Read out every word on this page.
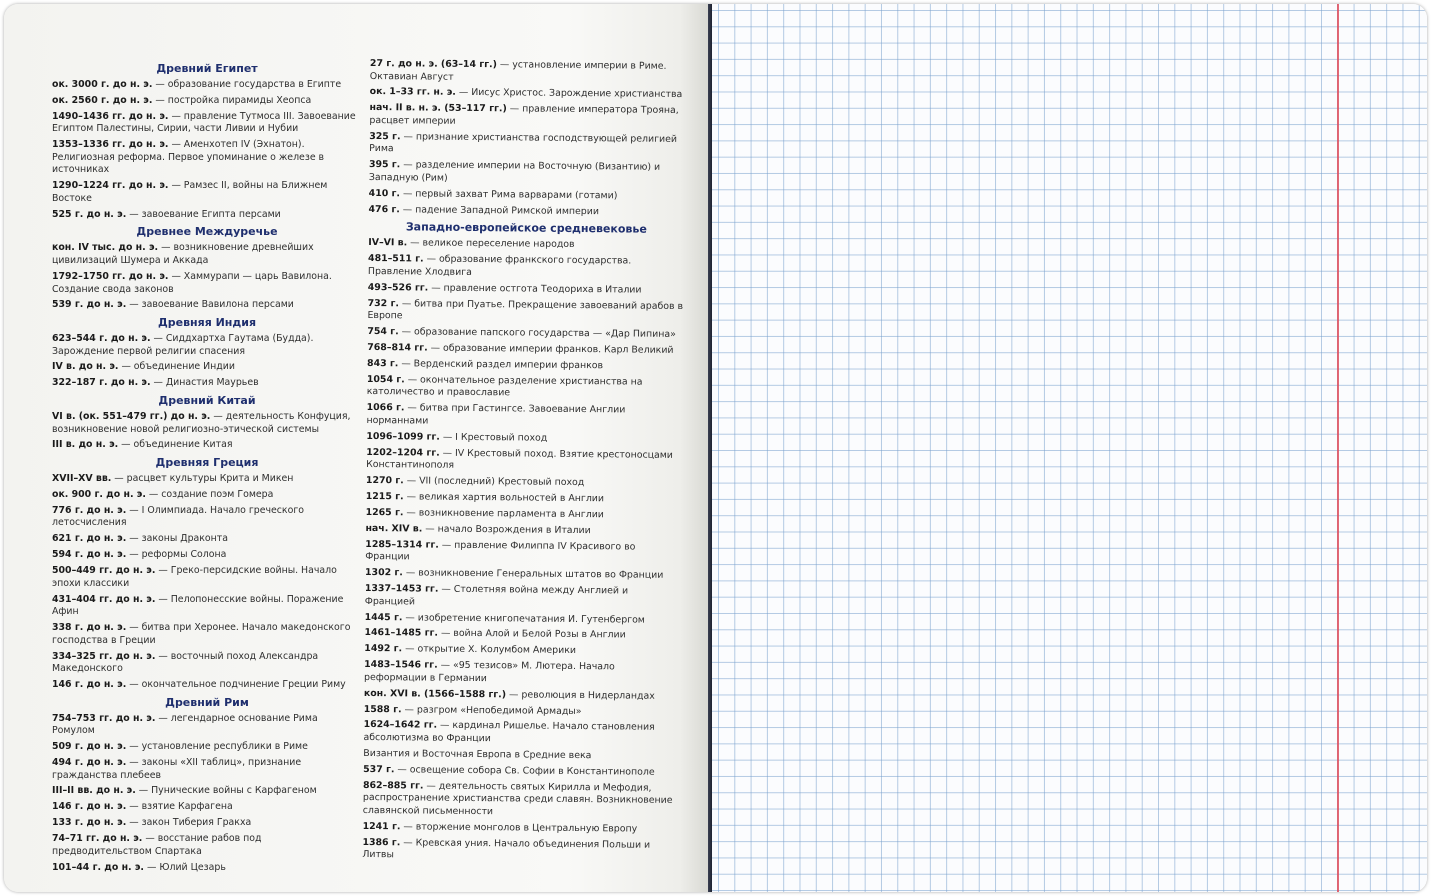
Древний Египет
ок. 3000 г. до н. э. — образование государства в Египте
ок. 2560 г. до н. э. — постройка пирамиды Хеопса
1490–1436 гг. до н. э. — правление Тутмоса III. Завоевание Египтом Палестины, Сирии, части Ливии и Нубии
1353–1336 гг. до н. э. — Аменхотеп IV (Эхнатон). Религиозная реформа. Первое упоминание о железе в источниках
1290–1224 гг. до н. э. — Рамзес II, войны на Ближнем Востоке
525 г. до н. э. — завоевание Египта персами
Древнее Междуречье
кон. IV тыс. до н. э. — возникновение древнейших цивилизаций Шумера и Аккада
1792–1750 гг. до н. э. — Хаммурапи — царь Вавилона. Создание свода законов
539 г. до н. э. — завоевание Вавилона персами
Древняя Индия
623–544 г. до н. э. — Сиддхартха Гаутама (Будда). Зарождение первой религии спасения
IV в. до н. э. — объединение Индии
322–187 г. до н. э. — Династия Маурьев
Древний Китай
VI в. (ок. 551–479 гг.) до н. э. — деятельность Конфуция, возникновение новой религиозно-этической системы
III в. до н. э. — объединение Китая
Древняя Греция
XVII–XV вв. — расцвет культуры Крита и Микен
ок. 900 г. до н. э. — создание поэм Гомера
776 г. до н. э. — I Олимпиада. Начало греческого летосчисления
621 г. до н. э. — законы Драконта
594 г. до н. э. — реформы Солона
500–449 гг. до н. э. — Греко-персидские войны. Начало эпохи классики
431–404 гг. до н. э. — Пелопонесские войны. Поражение Афин
338 г. до н. э. — битва при Херонее. Начало македонского господства в Греции
334–325 гг. до н. э. — восточный поход Александра Македонского
146 г. до н. э. — окончательное подчинение Греции Риму
Древний Рим
754–753 гг. до н. э. — легендарное основание Рима Ромулом
509 г. до н. э. — установление республики в Риме
494 г. до н. э. — законы «XII таблиц», признание гражданства плебеев
III–II вв. до н. э. — Пунические войны с Карфагеном
146 г. до н. э. — взятие Карфагена
133 г. до н. э. — закон Тиберия Гракха
74–71 гг. до н. э. — восстание рабов под предводительством Спартака
101–44 г. до н. э. — Юлий Цезарь
27 г. до н. э. (63–14 гг.) — установление империи в Риме. Октавиан Август
ок. 1–33 гг. н. э. — Иисус Христос. Зарождение христианства
нач. II в. н. э. (53–117 гг.) — правление императора Трояна, расцвет империи
325 г. — признание христианства господствующей религией Рима
395 г. — разделение империи на Восточную (Византию) и Западную (Рим)
410 г. — первый захват Рима варварами (готами)
476 г. — падение Западной Римской империи
Западно-европейское средневековье
IV–VI в. — великое переселение народов
481–511 г. — образование франкского государства. Правление Хлодвига
493–526 гг. — правление остгота Теодориха в Италии
732 г. — битва при Пуатье. Прекращение завоеваний арабов в Европе
754 г. — образование папского государства — «Дар Пипина»
768–814 гг. — образование империи франков. Карл Великий
843 г. — Верденский раздел империи франков
1054 г. — окончательное разделение христианства на католичество и православие
1066 г. — битва при Гастингсе. Завоевание Англии норманнами
1096–1099 гг. — I Крестовый поход
1202–1204 гг. — IV Крестовый поход. Взятие крестоносцами Константинополя
1270 г. — VII (последний) Крестовый поход
1215 г. — великая хартия вольностей в Англии
1265 г. — возникновение парламента в Англии
нач. XIV в. — начало Возрождения в Италии
1285–1314 гг. — правление Филиппа IV Красивого во Франции
1302 г. — возникновение Генеральных штатов во Франции
1337–1453 гг. — Столетняя война между Англией и Францией
1445 г. — изобретение книгопечатания И. Гутенбергом
1461–1485 гг. — война Алой и Белой Розы в Англии
1492 г. — открытие Х. Колумбом Америки
1483–1546 гг. — «95 тезисов» М. Лютера. Начало реформации в Германии
кон. XVI в. (1566–1588 гг.) — революция в Нидерландах
1588 г. — разгром «Непобедимой Армады»
1624–1642 гг. — кардинал Ришелье. Начало становления абсолютизма во Франции
Византия и Восточная Европа в Средние века
537 г. — освещение собора Св. Софии в Константинополе
862–885 гг. — деятельность святых Кирилла и Мефодия, распространение христианства среди славян. Возникновение славянской письменности
1241 г. — вторжение монголов в Центральную Европу
1386 г. — Кревская уния. Начало объединения Польши и Литвы
